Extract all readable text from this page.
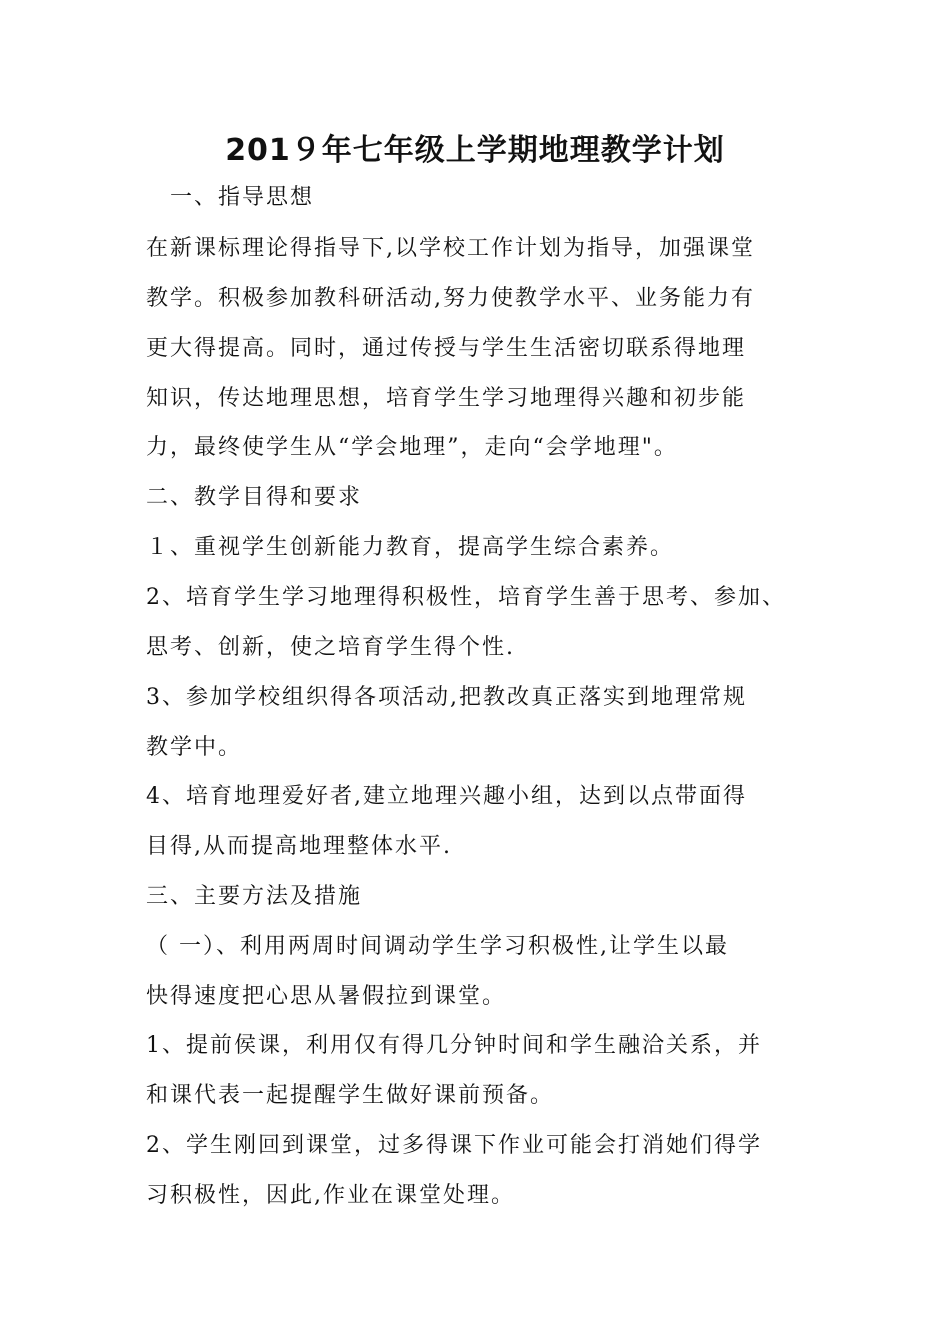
201９年七年级上学期地理教学计划
　一、指导思想
在新课标理论得指导下,以学校工作计划为指导，加强课堂
教学。积极参加教科研活动,努力使教学水平、业务能力有
更大得提高。同时，通过传授与学生生活密切联系得地理
知识，传达地理思想，培育学生学习地理得兴趣和初步能
力，最终使学生从“学会地理”，走向“会学地理"。
二、教学目得和要求
１、重视学生创新能力教育，提高学生综合素养。
2、培育学生学习地理得积极性，培育学生善于思考、参加、
思考、创新，使之培育学生得个性.
3、参加学校组织得各项活动,把教改真正落实到地理常规
教学中。
4、培育地理爱好者,建立地理兴趣小组，达到以点带面得
目得,从而提高地理整体水平.
三、主要方法及措施
（ 一）、利用两周时间调动学生学习积极性,让学生以最
快得速度把心思从暑假拉到课堂。
1、提前侯课，利用仅有得几分钟时间和学生融洽关系，并
和课代表一起提醒学生做好课前预备。
2、学生刚回到课堂，过多得课下作业可能会打消她们得学
习积极性，因此,作业在课堂处理。
